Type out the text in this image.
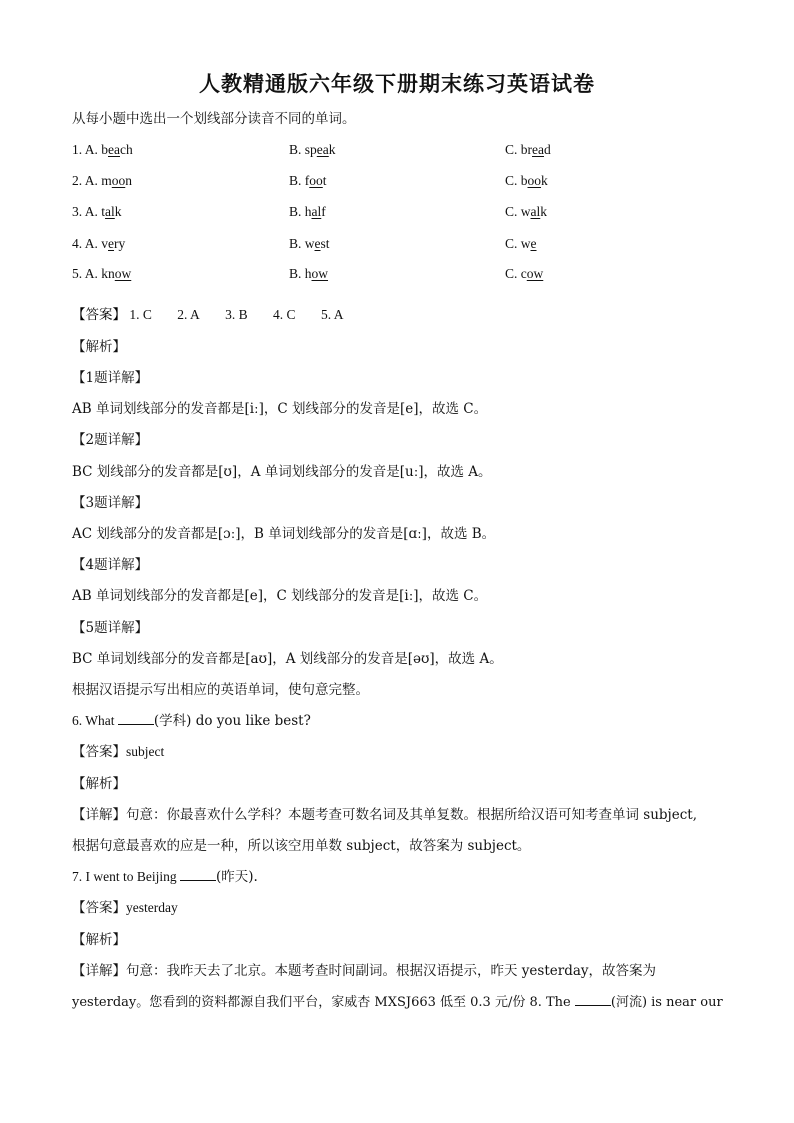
人教精通版六年级下册期末练习英语试卷
从每小题中选出一个划线部分读音不同的单词。
1. A. beach	B. speak	C. bread
2. A. moon	B. foot	C. book
3. A. talk	B. half	C. walk
4. A. very	B. west	C. we
5. A. know	B. how	C. cow
【答案】 1. C 2. A 3. B 4. C 5. A
【解析】
【1题详解】
AB 单词划线部分的发音都是[iː]，C 划线部分的发音是[e]，故选 C。
【2题详解】
BC 划线部分的发音都是[ʊ]，A 单词划线部分的发音是[uː]，故选 A。
【3题详解】
AC 划线部分的发音都是[ɔː]，B 单词划线部分的发音是[ɑː]，故选 B。
【4题详解】
AB 单词划线部分的发音都是[e]，C 划线部分的发音是[iː]，故选 C。
【5题详解】
BC 单词划线部分的发音都是[aʊ]，A 划线部分的发音是[əʊ]，故选 A。
根据汉语提示写出相应的英语单词，使句意完整。
6. What	(学科) do you like best?
【答案】subject
【解析】
【详解】句意：你最喜欢什么学科？本题考查可数名词及其单复数。根据所给汉语可知考查单词 subject,
根据句意最喜欢的应是一种，所以该空用单数 subject，故答案为 subject。
7. I went to Beijing	(昨天).
【答案】yesterday
【解析】
【详解】句意：我昨天去了北京。本题考查时间副词。根据汉语提示，昨天 yesterday，故答案为
yesterday。您看到的资料都源自我们平台，家威杏 MXSJ663 低至 0.3 元/份 8. The	(河流) is near our
